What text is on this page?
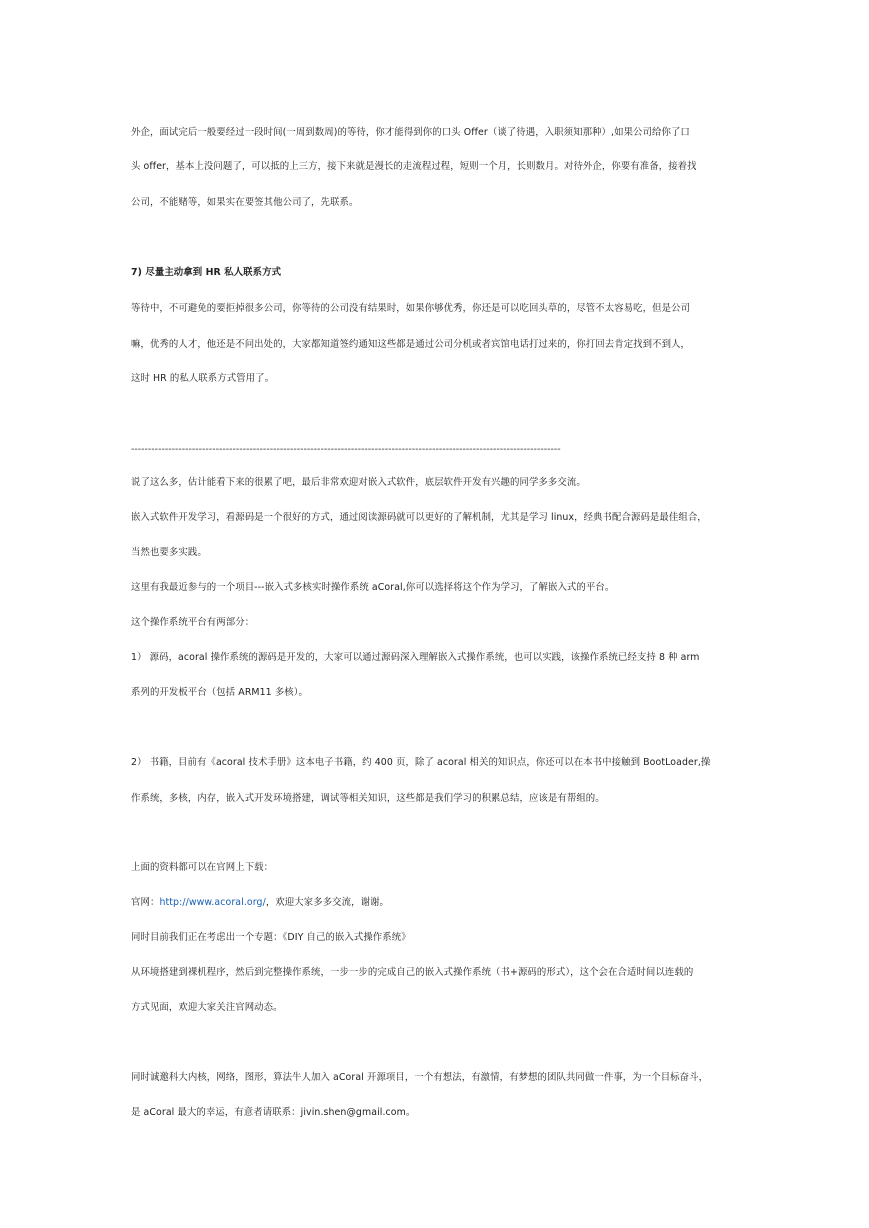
外企，面试完后一般要经过一段时间(一周到数周)的等待，你才能得到你的口头 Offer（谈了待遇，入职须知那种）,如果公司给你了口
头 offer，基本上没问题了，可以抵的上三方，接下来就是漫长的走流程过程，短则一个月，长则数月。对待外企，你要有准备，接着找
公司，不能赌等，如果实在要签其他公司了，先联系。
7) 尽量主动拿到 HR 私人联系方式
等待中，不可避免的要拒掉很多公司，你等待的公司没有结果时，如果你够优秀，你还是可以吃回头草的，尽管不太容易吃，但是公司
嘛，优秀的人才，他还是不问出处的，大家都知道签约通知这些都是通过公司分机或者宾馆电话打过来的，你打回去肯定找到不到人，
这时 HR 的私人联系方式管用了。
-------------------------------------------------------------------------------------------------------------------------------
说了这么多，估计能看下来的很累了吧，最后非常欢迎对嵌入式软件，底层软件开发有兴趣的同学多多交流。
嵌入式软件开发学习，看源码是一个很好的方式，通过阅读源码就可以更好的了解机制，尤其是学习 linux，经典书配合源码是最佳组合，
当然也要多实践。
这里有我最近参与的一个项目---嵌入式多核实时操作系统 aCoral,你可以选择将这个作为学习，了解嵌入式的平台。
这个操作系统平台有两部分：
1） 源码，acoral 操作系统的源码是开发的，大家可以通过源码深入理解嵌入式操作系统，也可以实践，该操作系统已经支持 8 种 arm
系列的开发板平台（包括 ARM11 多核）。
2） 书籍，目前有《acoral 技术手册》这本电子书籍，约 400 页，除了 acoral 相关的知识点，你还可以在本书中接触到 BootLoader,操
作系统，多核，内存，嵌入式开发环境搭建，调试等相关知识，这些都是我们学习的积累总结，应该是有帮组的。
上面的资料都可以在官网上下载：
官网：http://www.acoral.org/，欢迎大家多多交流，谢谢。
同时目前我们正在考虑出一个专题：《DIY 自己的嵌入式操作系统》
从环境搭建到裸机程序，然后到完整操作系统，一步一步的完成自己的嵌入式操作系统（书+源码的形式），这个会在合适时间以连载的
方式见面，欢迎大家关注官网动态。
同时诚邀科大内核，网络，图形，算法牛人加入 aCoral 开源项目，一个有想法，有激情，有梦想的团队共同做一件事，为一个目标奋斗，
是 aCoral 最大的幸运，有意者请联系：jivin.shen@gmail.com。
